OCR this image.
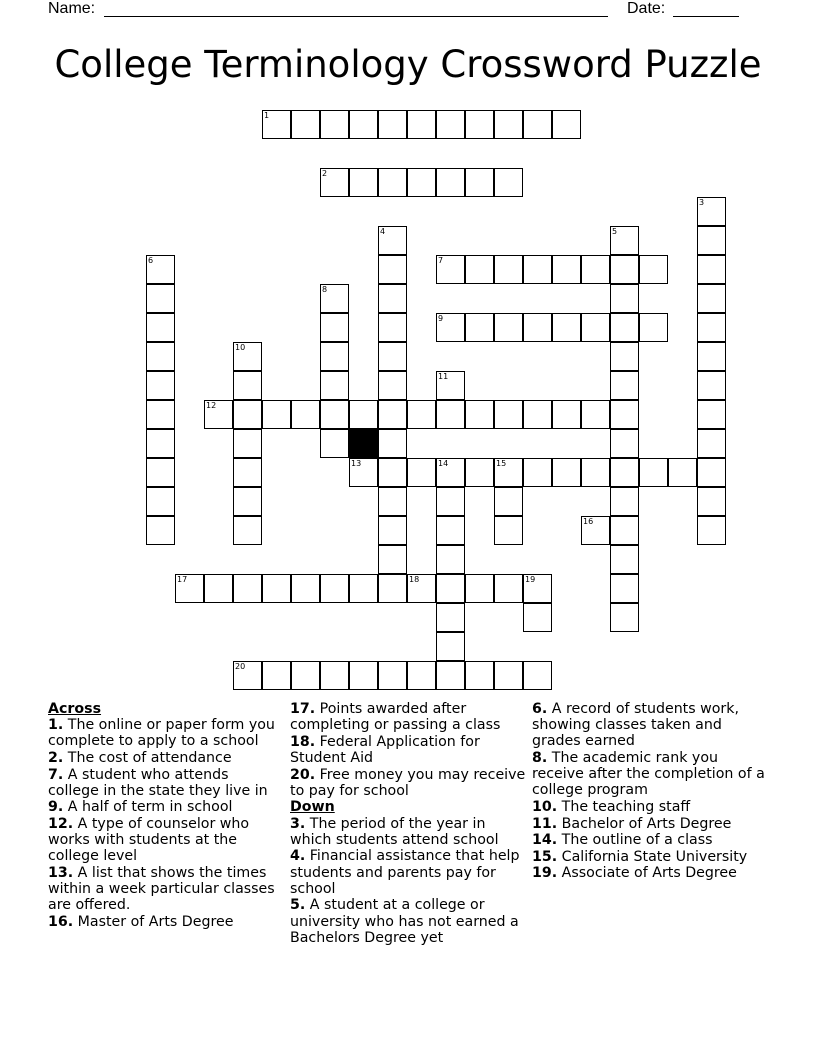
Name:	Date:
College Terminology Crossword Puzzle
1
2
3
4	5
6	7
8
9
10
11
12
13	14	15
16
17	18	19
20
Across
1. The online or paper form you complete to apply to a school
2. The cost of attendance
7. A student who attends college in the state they live in
9. A half of term in school
12. A type of counselor who works with students at the college level
13. A list that shows the times within a week particular classes are offered.
16. Master of Arts Degree
17. Points awarded after completing or passing a class
18. Federal Application for Student Aid
20. Free money you may receive to pay for school
Down
3. The period of the year in which students attend school
4. Financial assistance that help students and parents pay for school
5. A student at a college or university who has not earned a Bachelors Degree yet
6. A record of students work, showing classes taken and grades earned
8. The academic rank you receive after the completion of a college program
10. The teaching staff
11. Bachelor of Arts Degree
14. The outline of a class
15. California State University
19. Associate of Arts Degree
